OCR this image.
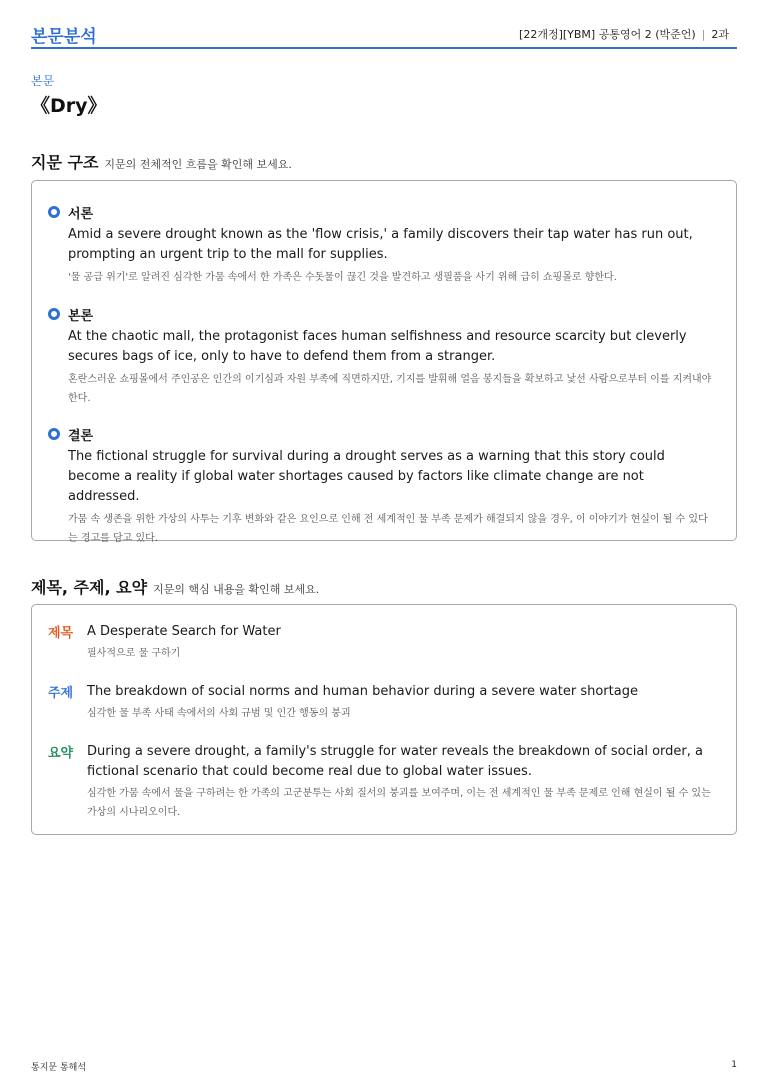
본문분석	[22개정][YBM] 공통영어 2 (박준언) | 2과
본문
《Dry》
지문 구조 지문의 전체적인 흐름을 확인해 보세요.
서론
Amid a severe drought known as the 'flow crisis,' a family discovers their tap water has run out, prompting an urgent trip to the mall for supplies.
'물 공급 위기'로 알려진 심각한 가뭄 속에서 한 가족은 수돗물이 끊긴 것을 발견하고 생필품을 사기 위해 급히 쇼핑몰로 향한다.
본론
At the chaotic mall, the protagonist faces human selfishness and resource scarcity but cleverly secures bags of ice, only to have to defend them from a stranger.
혼란스러운 쇼핑몰에서 주인공은 인간의 이기심과 자원 부족에 직면하지만, 기지를 발휘해 얼음 봉지들을 확보하고 낯선 사람으로부터 이를 지켜내야 한다.
결론
The fictional struggle for survival during a drought serves as a warning that this story could become a reality if global water shortages caused by factors like climate change are not addressed.
가뭄 속 생존을 위한 가상의 사투는 기후 변화와 같은 요인으로 인해 전 세계적인 물 부족 문제가 해결되지 않을 경우, 이 이야기가 현실이 될 수 있다는 경고를 담고 있다.
제목, 주제, 요약 지문의 핵심 내용을 확인해 보세요.
제목 A Desperate Search for Water
필사적으로 물 구하기
주제 The breakdown of social norms and human behavior during a severe water shortage
심각한 물 부족 사태 속에서의 사회 규범 및 인간 행동의 붕괴
요약 During a severe drought, a family's struggle for water reveals the breakdown of social order, a fictional scenario that could become real due to global water issues.
심각한 가뭄 속에서 물을 구하려는 한 가족의 고군분투는 사회 질서의 붕괴를 보여주며, 이는 전 세계적인 물 부족 문제로 인해 현실이 될 수 있는 가상의 시나리오이다.
통지문 통해석	1
